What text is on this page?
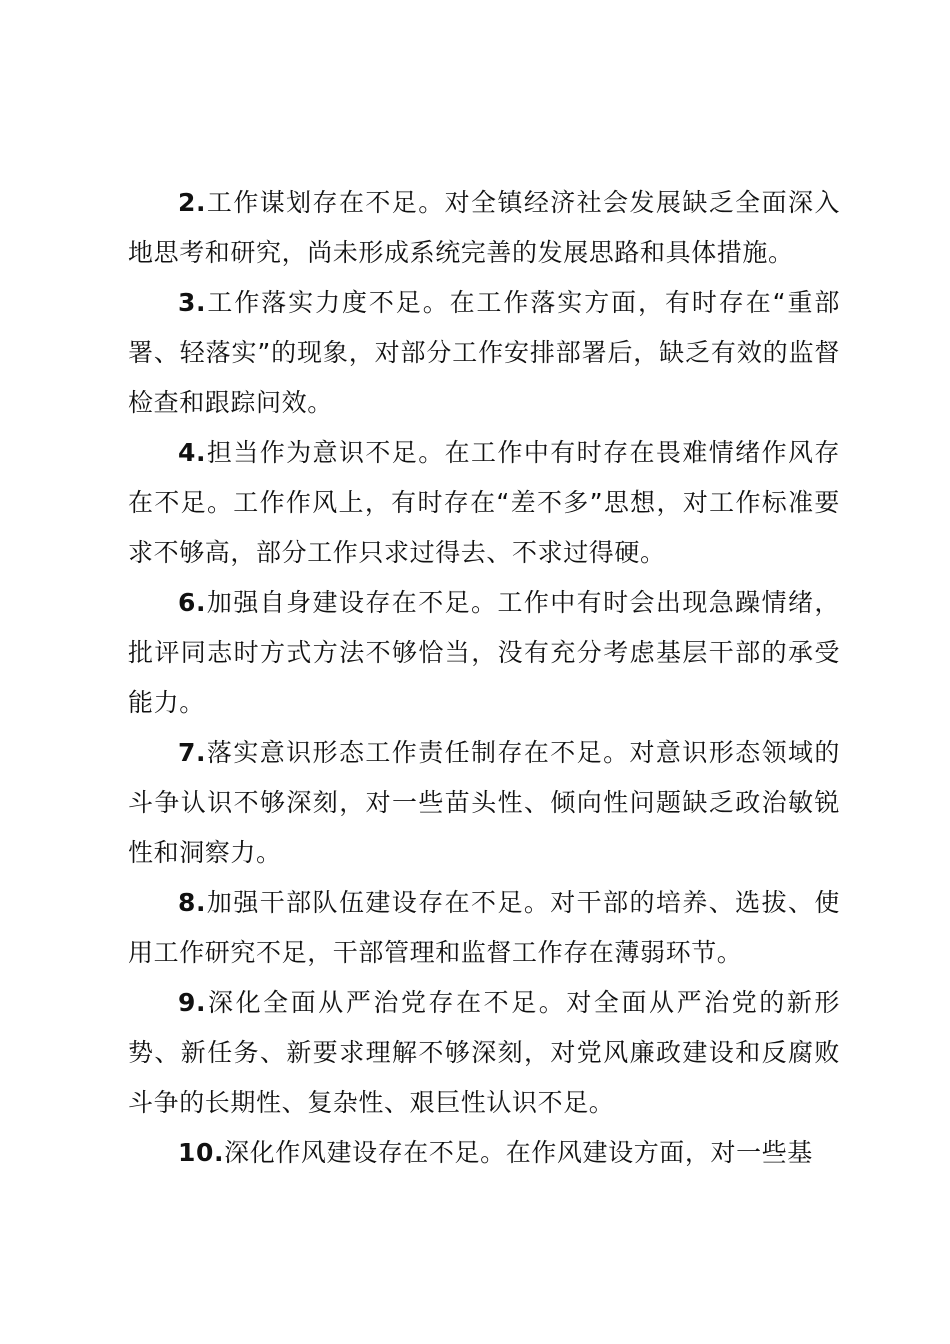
2.工作谋划存在不足。对全镇经济社会发展缺乏全面深入地思考和研究，尚未形成系统完善的发展思路和具体措施。

3.工作落实力度不足。在工作落实方面，有时存在“重部署、轻落实”的现象，对部分工作安排部署后，缺乏有效的监督检查和跟踪问效。

4.担当作为意识不足。在工作中有时存在畏难情绪作风存在不足。工作作风上，有时存在“差不多”思想，对工作标准要求不够高，部分工作只求过得去、不求过得硬。

6.加强自身建设存在不足。工作中有时会出现急躁情绪，批评同志时方式方法不够恰当，没有充分考虑基层干部的承受能力。

7.落实意识形态工作责任制存在不足。对意识形态领域的斗争认识不够深刻，对一些苗头性、倾向性问题缺乏政治敏锐性和洞察力。

8.加强干部队伍建设存在不足。对干部的培养、选拔、使用工作研究不足，干部管理和监督工作存在薄弱环节。

9.深化全面从严治党存在不足。对全面从严治党的新形势、新任务、新要求理解不够深刻，对党风廉政建设和反腐败斗争的长期性、复杂性、艰巨性认识不足。

10.深化作风建设存在不足。在作风建设方面，对一些基
